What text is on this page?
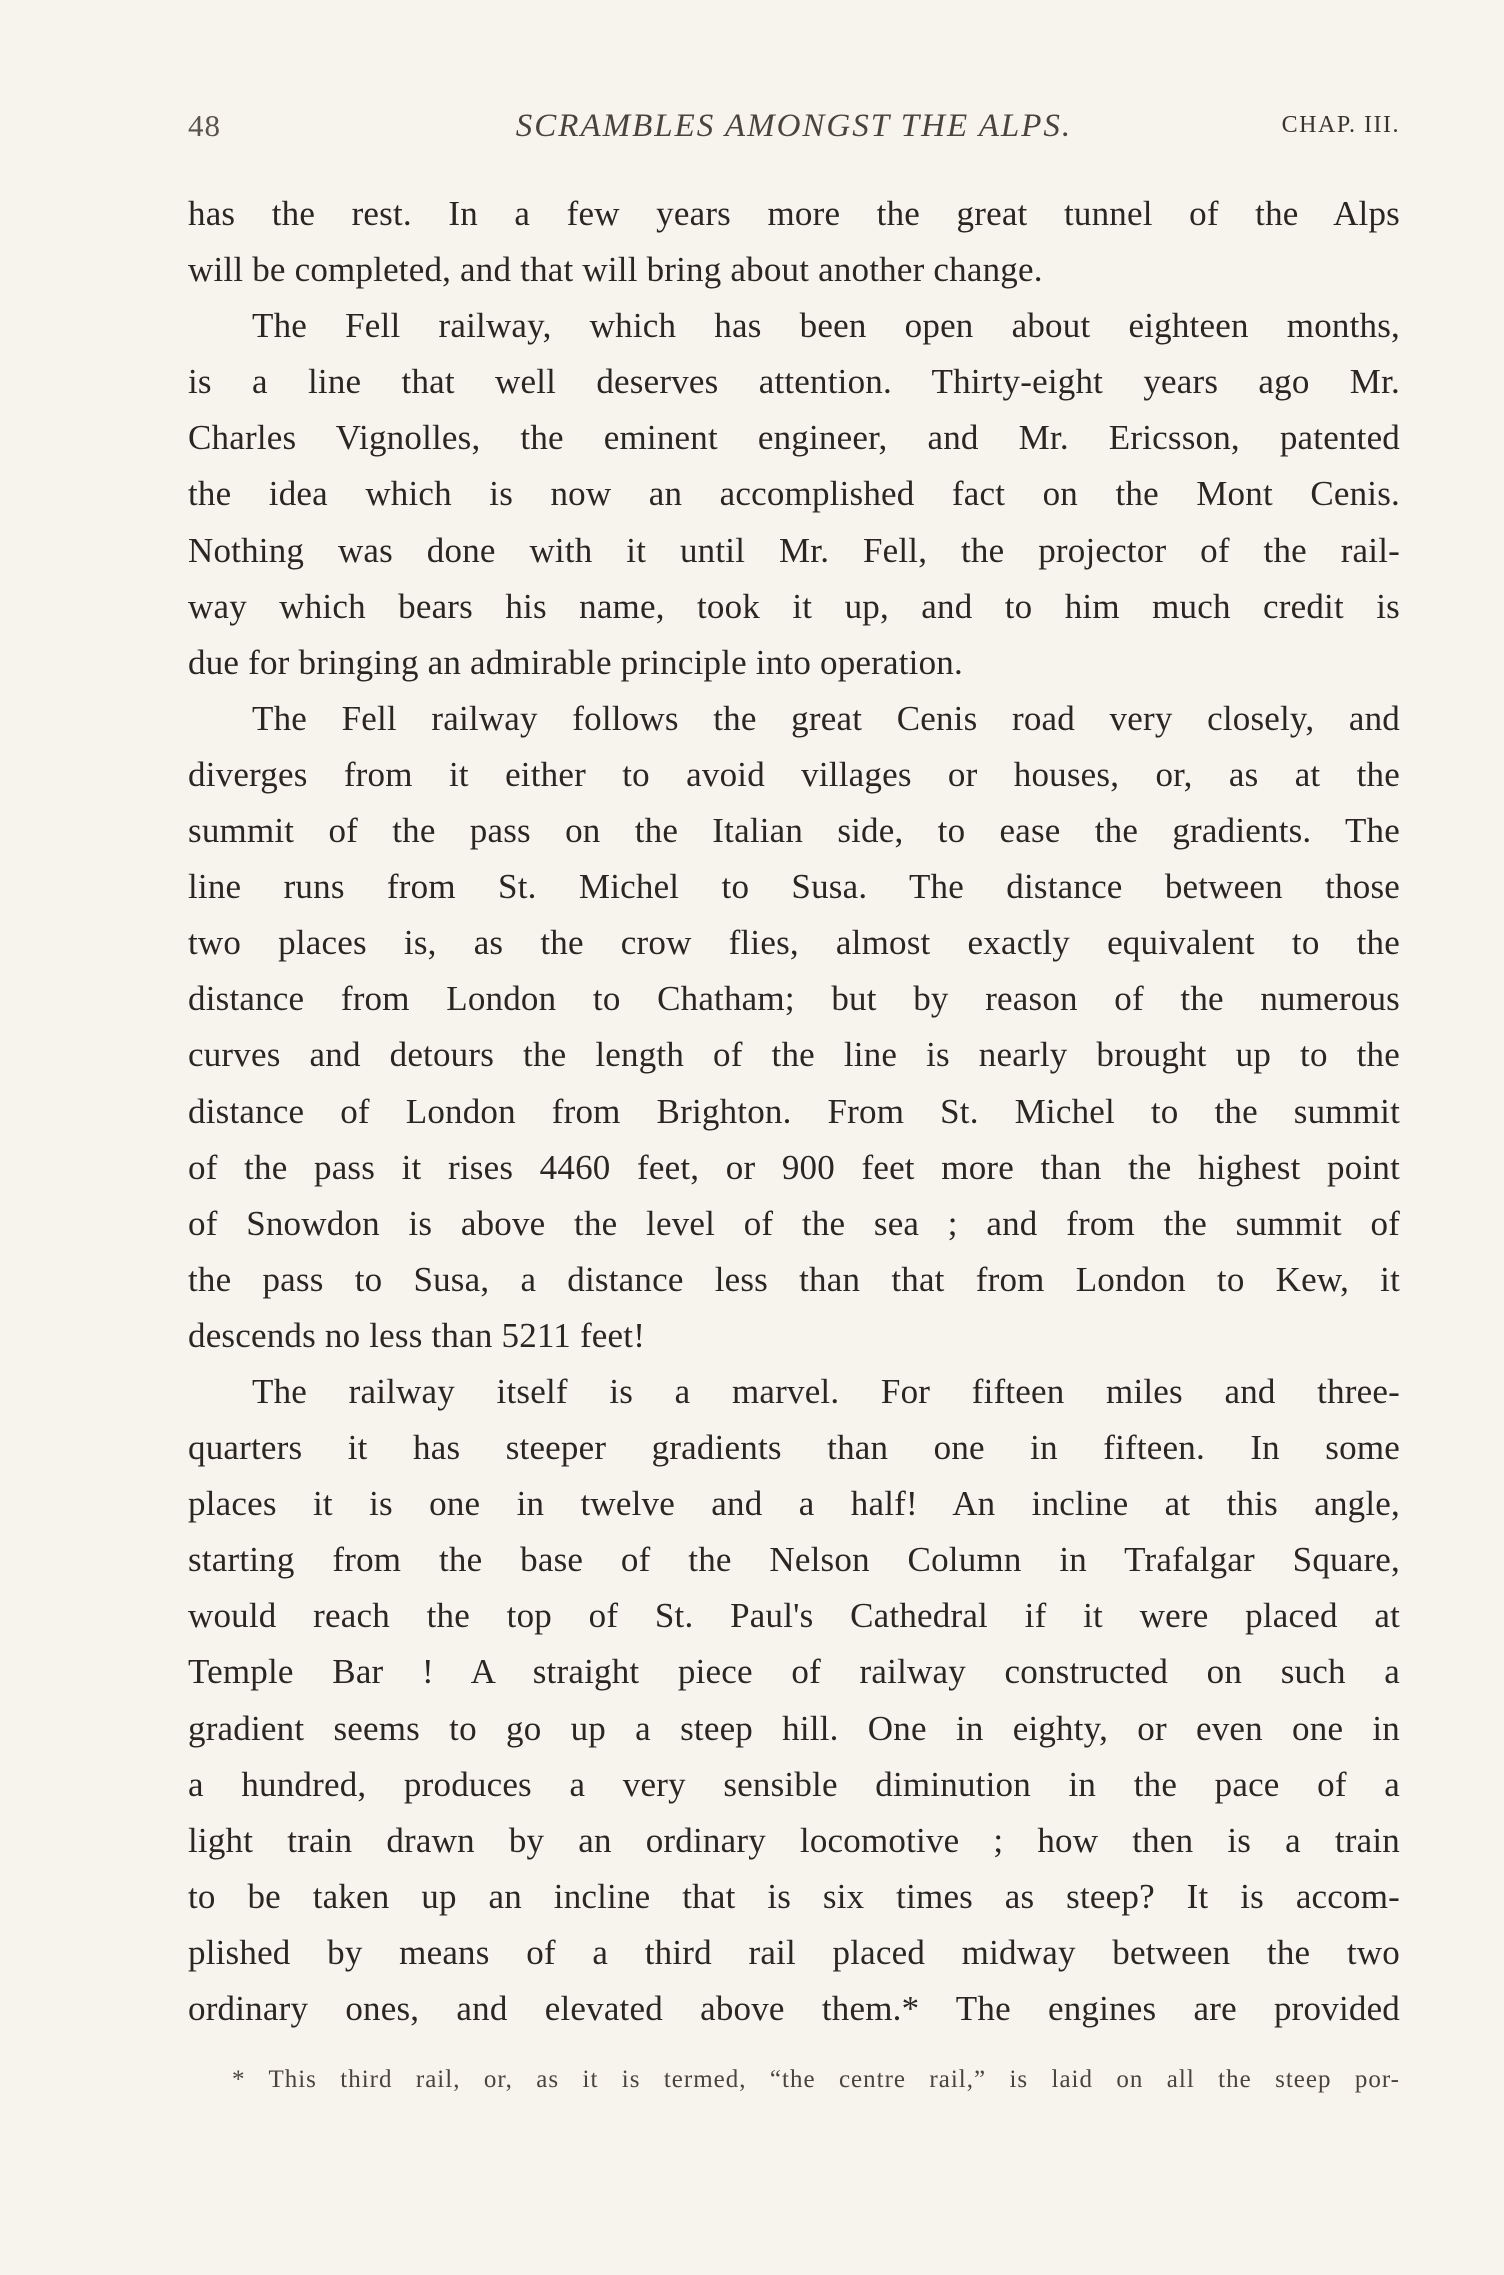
48	SCRAMBLES AMONGST THE ALPS.	CHAP. III.
has the rest. In a few years more the great tunnel of the Alps
will be completed, and that will bring about another change.
The Fell railway, which has been open about eighteen months,
is a line that well deserves attention. Thirty-eight years ago Mr.
Charles Vignolles, the eminent engineer, and Mr. Ericsson, patented
the idea which is now an accomplished fact on the Mont Cenis.
Nothing was done with it until Mr. Fell, the projector of the rail-
way which bears his name, took it up, and to him much credit is
due for bringing an admirable principle into operation.
The Fell railway follows the great Cenis road very closely, and
diverges from it either to avoid villages or houses, or, as at the
summit of the pass on the Italian side, to ease the gradients. The
line runs from St. Michel to Susa. The distance between those
two places is, as the crow flies, almost exactly equivalent to the
distance from London to Chatham; but by reason of the numerous
curves and detours the length of the line is nearly brought up to the
distance of London from Brighton. From St. Michel to the summit
of the pass it rises 4460 feet, or 900 feet more than the highest point
of Snowdon is above the level of the sea ; and from the summit of
the pass to Susa, a distance less than that from London to Kew, it
descends no less than 5211 feet!
The railway itself is a marvel. For fifteen miles and three-
quarters it has steeper gradients than one in fifteen. In some
places it is one in twelve and a half! An incline at this angle,
starting from the base of the Nelson Column in Trafalgar Square,
would reach the top of St. Paul's Cathedral if it were placed at
Temple Bar ! A straight piece of railway constructed on such a
gradient seems to go up a steep hill. One in eighty, or even one in
a hundred, produces a very sensible diminution in the pace of a
light train drawn by an ordinary locomotive ; how then is a train
to be taken up an incline that is six times as steep? It is accom-
plished by means of a third rail placed midway between the two
ordinary ones, and elevated above them.* The engines are provided
* This third rail, or, as it is termed, “the centre rail,” is laid on all the steep por-
